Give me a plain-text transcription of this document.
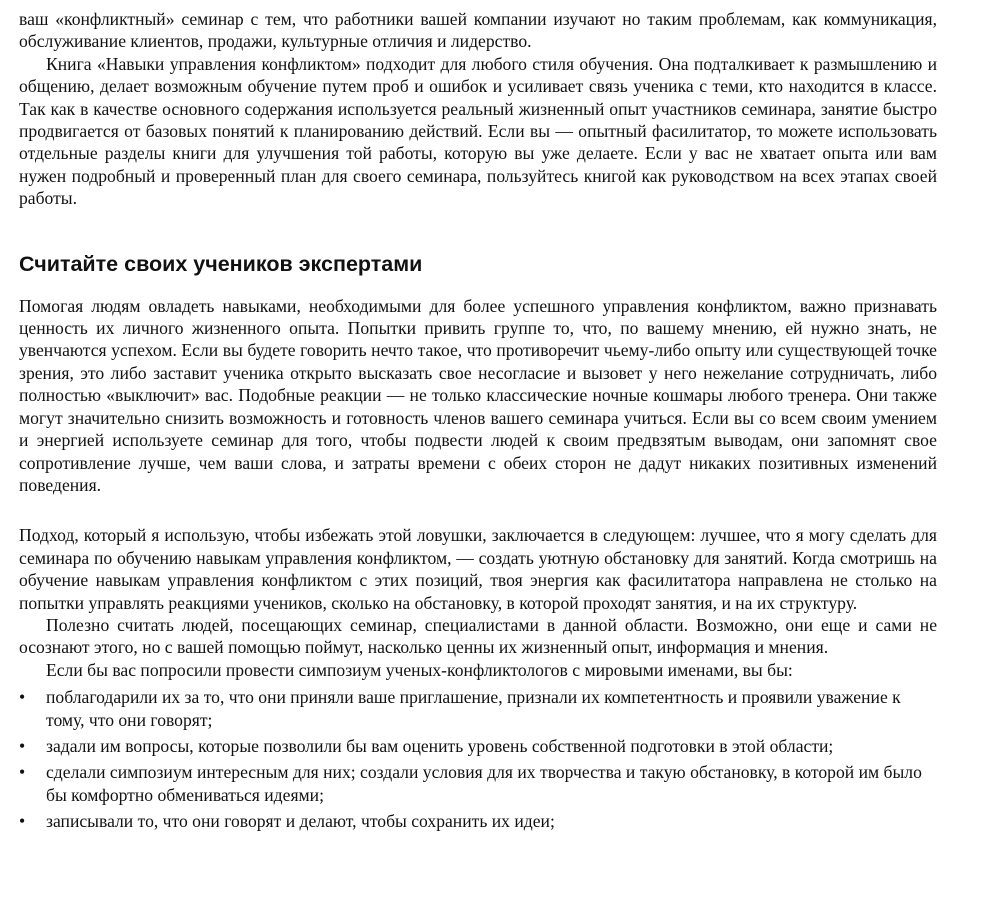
ваш «конфликтный» семинар с тем, что работники вашей компании изучают но таким проблемам, как коммуникация, обслуживание клиентов, продажи, культурные отличия и лидерство.

Книга «Навыки управления конфликтом» подходит для любого стиля обучения. Она подталкивает к размышлению и общению, делает возможным обучение путем проб и ошибок и усиливает связь ученика с теми, кто находится в классе. Так как в качестве основного содержания используется реальный жизненный опыт участников семинара, занятие быстро продвигается от базовых понятий к планированию действий. Если вы — опытный фасилитатор, то можете использовать отдельные разделы книги для улучшения той работы, которую вы уже делаете. Если у вас не хватает опыта или вам нужен подробный и проверенный план для своего семинара, пользуйтесь книгой как руководством на всех этапах своей работы.

Считайте своих учеников экспертами

Помогая людям овладеть навыками, необходимыми для более успешного управления конфликтом, важно признавать ценность их личного жизненного опыта. Попытки привить группе то, что, по вашему мнению, ей нужно знать, не увенчаются успехом. Если вы будете говорить нечто такое, что противоречит чьему-либо опыту или существующей точке зрения, это либо заставит ученика открыто высказать свое несогласие и вызовет у него нежелание сотрудничать, либо полностью «выключит» вас. Подобные реакции — не только классические ночные кошмары любого тренера. Они также могут значительно снизить возможность и готовность членов вашего семинара учиться. Если вы со всем своим умением и энергией используете семинар для того, чтобы подвести людей к своим предвзятым выводам, они запомнят свое сопротивление лучше, чем ваши слова, и затраты времени с обеих сторон не дадут никаких позитивных изменений поведения.

Подход, который я использую, чтобы избежать этой ловушки, заключается в следующем: лучшее, что я могу сделать для семинара по обучению навыкам управления конфликтом, — создать уютную обстановку для занятий. Когда смотришь на обучение навыкам управления конфликтом с этих позиций, твоя энергия как фасилитатора направлена не столько на попытки управлять реакциями учеников, сколько на обстановку, в которой проходят занятия, и на их структуру.

Полезно считать людей, посещающих семинар, специалистами в данной области. Возможно, они еще и сами не осознают этого, но с вашей помощью поймут, насколько ценны их жизненный опыт, информация и мнения.

Если бы вас попросили провести симпозиум ученых-конфликтологов с мировыми именами, вы бы:

• поблагодарили их за то, что они приняли ваше приглашение, признали их компетентность и проявили уважение к тому, что они говорят;
• задали им вопросы, которые позволили бы вам оценить уровень собственной подготовки в этой области;
• сделали симпозиум интересным для них; создали условия для их творчества и такую обстановку, в которой им было бы комфортно обмениваться идеями;
• записывали то, что они говорят и делают, чтобы сохранить их идеи;
